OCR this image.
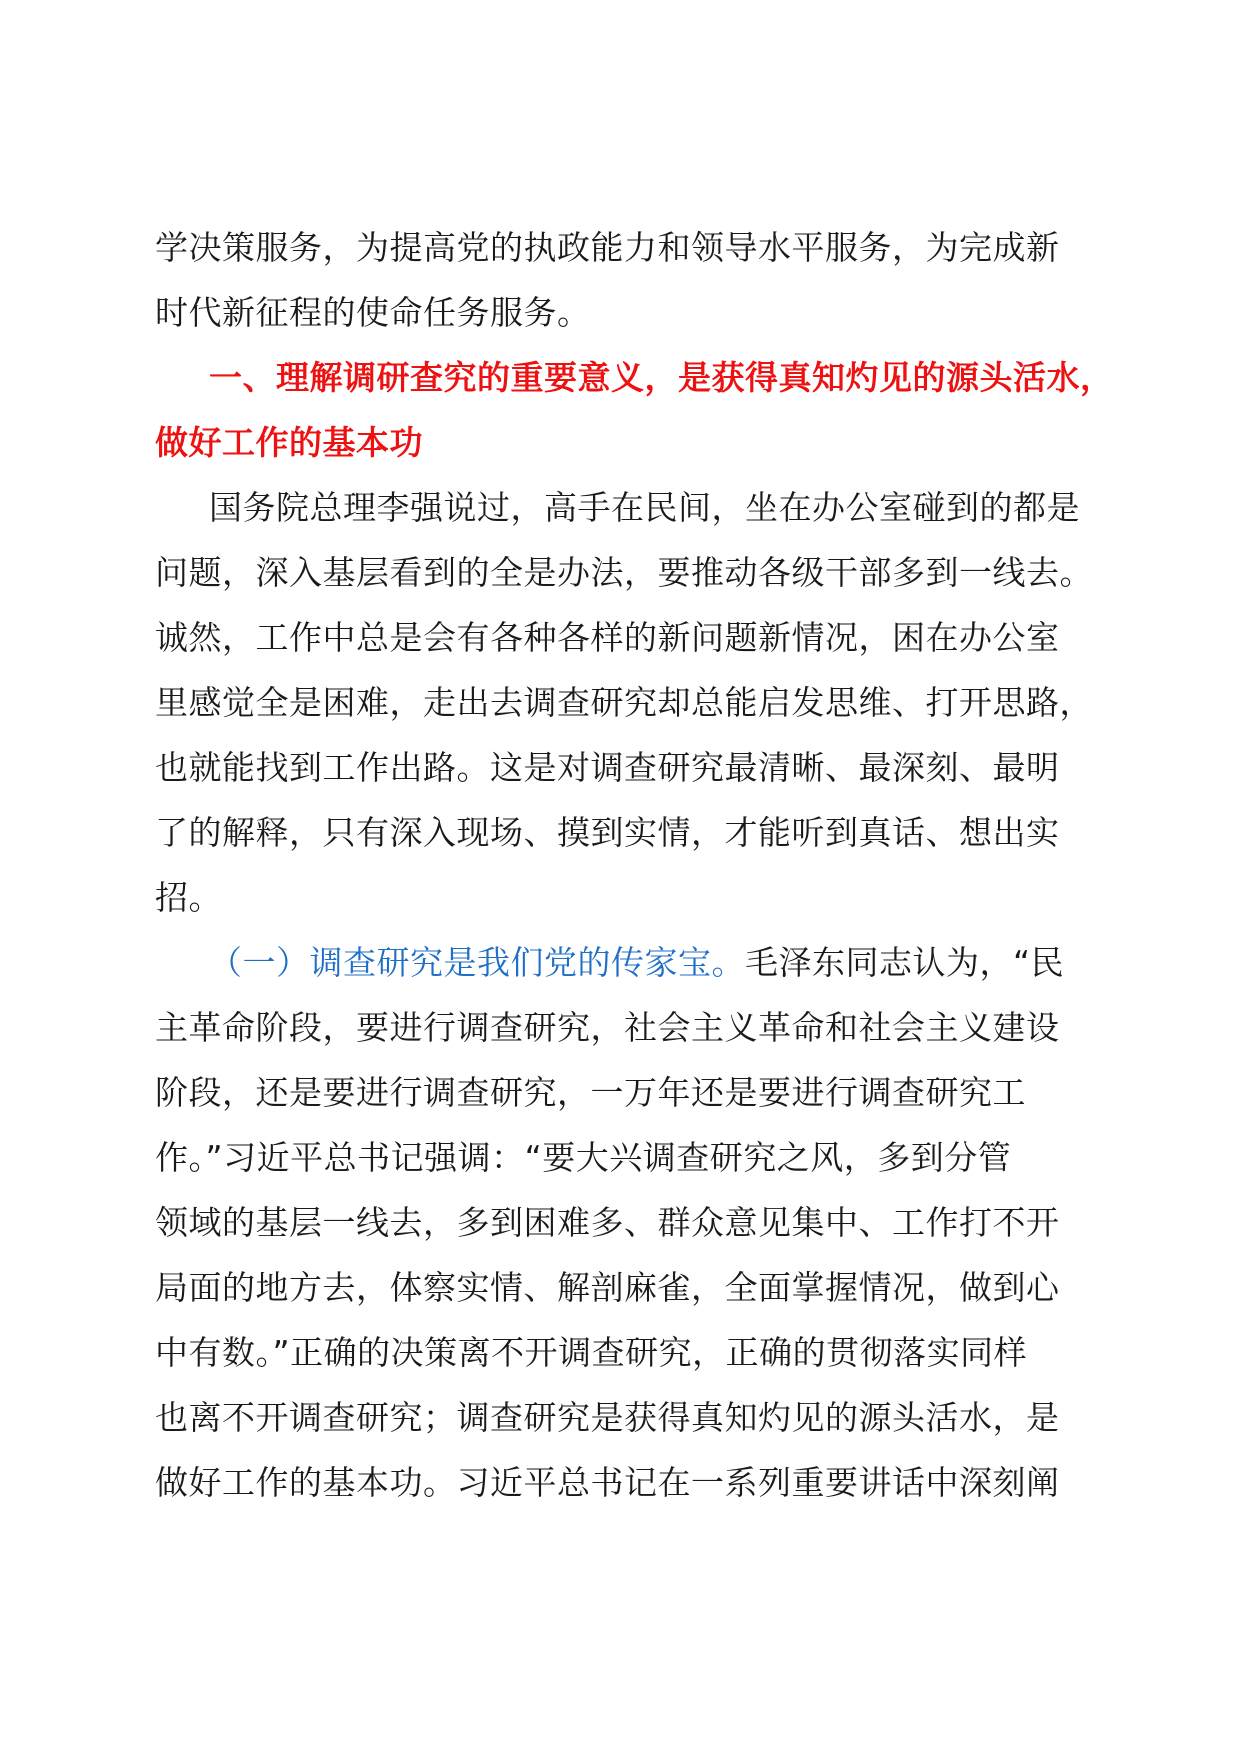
学决策服务，为提高党的执政能力和领导水平服务，为完成新
时代新征程的使命任务服务。
一、理解调研查究的重要意义，是获得真知灼见的源头活水，
做好工作的基本功
国务院总理李强说过，高手在民间，坐在办公室碰到的都是
问题，深入基层看到的全是办法，要推动各级干部多到一线去。
诚然，工作中总是会有各种各样的新问题新情况，困在办公室
里感觉全是困难，走出去调查研究却总能启发思维、打开思路，
也就能找到工作出路。这是对调查研究最清晰、最深刻、最明
了的解释，只有深入现场、摸到实情，才能听到真话、想出实
招。
（一）调查研究是我们党的传家宝。毛泽东同志认为，“民
主革命阶段，要进行调查研究，社会主义革命和社会主义建设
阶段，还是要进行调查研究，一万年还是要进行调查研究工
作。”习近平总书记强调：“要大兴调查研究之风，多到分管
领域的基层一线去，多到困难多、群众意见集中、工作打不开
局面的地方去，体察实情、解剖麻雀，全面掌握情况，做到心
中有数。”正确的决策离不开调查研究，正确的贯彻落实同样
也离不开调查研究；调查研究是获得真知灼见的源头活水，是
做好工作的基本功。习近平总书记在一系列重要讲话中深刻阐
